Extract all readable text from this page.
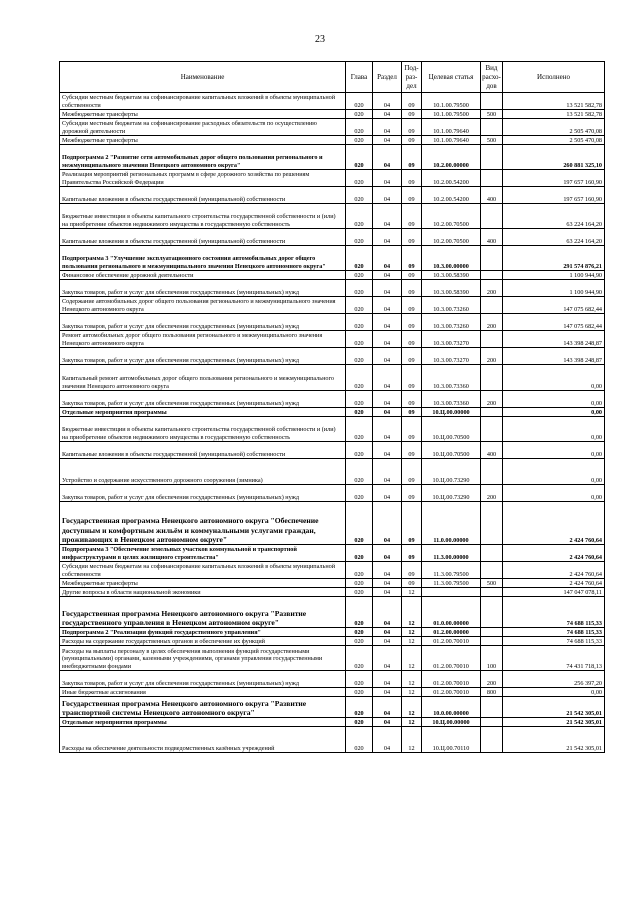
23
Наименование	Глава	Раздел	Под- раз- дел	Целевая статья	Вид расхо- дов	Исполнено
Субсидии местным бюджетам на софинансирование капитальных вложений в объекты муниципальной собственности	020	04	09	10.1.00.79500		13 521 582,78
Межбюджетные трансферты	020	04	09	10.1.00.79500	500	13 521 582,78
Субсидии местным бюджетам на софинансирование расходных обязательств по осуществлению дорожной деятельности	020	04	09	10.1.00.79640		2 505 470,08
Межбюджетные трансферты	020	04	09	10.1.00.79640	500	2 505 470,08
Подпрограмма 2 "Развитие сети автомобильных дорог общего пользования регионального и межмуниципального значения Ненецкого автономного округа"	020	04	09	10.2.00.00000		260 881 325,10
Реализация мероприятий региональных программ в сфере дорожного хозяйства по решениям Правительства Российской Федерации	020	04	09	10.2.00.54200		197 657 160,90
Капитальные вложения в объекты государственной (муниципальной) собственности	020	04	09	10.2.00.54200	400	197 657 160,90
Бюджетные инвестиции в объекты капитального строительства государственной собственности и (или) на приобретение объектов недвижимого имущества в государственную собственность	020	04	09	10.2.00.70500		63 224 164,20
Капитальные вложения в объекты государственной (муниципальной) собственности	020	04	09	10.2.00.70500	400	63 224 164,20
Подпрограмма 3 "Улучшение эксплуатационного состояния автомобильных дорог общего пользования регионального и межмуниципального значения Ненецкого автономного округа"	020	04	09	10.3.00.00000		291 574 876,21
Финансовое обеспечение дорожной деятельности	020	04	09	10.3.00.58390		1 100 944,90
Закупка товаров, работ и услуг для обеспечения государственных (муниципальных) нужд	020	04	09	10.3.00.58390	200	1 100 944,90
Содержание автомобильных дорог общего пользования регионального и межмуниципального значения Ненецкого автономного округа	020	04	09	10.3.00.73260		147 075 682,44
Закупка товаров, работ и услуг для обеспечения государственных (муниципальных) нужд	020	04	09	10.3.00.73260	200	147 075 682,44
Ремонт автомобильных дорог общего пользования регионального и межмуниципального значения Ненецкого автономного округа	020	04	09	10.3.00.73270		143 398 248,87
Закупка товаров, работ и услуг для обеспечения государственных (муниципальных) нужд	020	04	09	10.3.00.73270	200	143 398 248,87
Капитальный ремонт автомобильных дорог общего пользования регионального и межмуниципального значения Ненецкого автономного округа	020	04	09	10.3.00.73360		0,00
Закупка товаров, работ и услуг для обеспечения государственных (муниципальных) нужд	020	04	09	10.3.00.73360	200	0,00
Отдельные мероприятия программы	020	04	09	10.Ц.00.00000		0,00
Бюджетные инвестиции в объекты капитального строительства государственной собственности и (или) на приобретение объектов недвижимого имущества в государственную собственность	020	04	09	10.Ц.00.70500		0,00
Капитальные вложения в объекты государственной (муниципальной) собственности	020	04	09	10.Ц.00.70500	400	0,00
Устройство и содержание искусственного дорожного сооружения (зимника)	020	04	09	10.Ц.00.73290		0,00
Закупка товаров, работ и услуг для обеспечения государственных (муниципальных) нужд	020	04	09	10.Ц.00.73290	200	0,00
Государственная программа Ненецкого автономного округа "Обеспечение доступным и комфортным жильём и коммунальными услугами граждан, проживающих в Ненецком автономном округе"	020	04	09	11.0.00.00000		2 424 760,64
Подпрограмма 3 "Обеспечение земельных участков коммунальной и транспортной инфраструктурами в целях жилищного строительства"	020	04	09	11.3.00.00000		2 424 760,64
Субсидии местным бюджетам на софинансирование капитальных вложений в объекты муниципальной собственности	020	04	09	11.3.00.79500		2 424 760,64
Межбюджетные трансферты	020	04	09	11.3.00.79500	500	2 424 760,64
Другие вопросы в области национальной экономики	020	04	12			147 047 078,11
Государственная программа Ненецкого автономного округа "Развитие государственного управления в Ненецком автономном округе"	020	04	12	01.0.00.00000		74 688 115,33
Подпрограмма 2 "Реализация функций государственного управления"	020	04	12	01.2.00.00000		74 688 115,33
Расходы на содержание государственных органов и обеспечение их функций	020	04	12	01.2.00.70010		74 688 115,33
Расходы на выплаты персоналу в целях обеспечения выполнения функций государственными (муниципальными) органами, казенными учреждениями, органами управления государственными внебюджетными фондами	020	04	12	01.2.00.70010	100	74 431 718,13
Закупка товаров, работ и услуг для обеспечения государственных (муниципальных) нужд	020	04	12	01.2.00.70010	200	256 397,20
Иные бюджетные ассигнования	020	04	12	01.2.00.70010	800	0,00
Государственная программа Ненецкого автономного округа "Развитие транспортной системы Ненецкого автономного округа"	020	04	12	10.0.00.00000		21 542 305,01
Отдельные мероприятия программы	020	04	12	10.Ц.00.00000		21 542 305,01
Расходы на обеспечение деятельности подведомственных казённых учреждений	020	04	12	10.Ц.00.70110		21 542 305,01
